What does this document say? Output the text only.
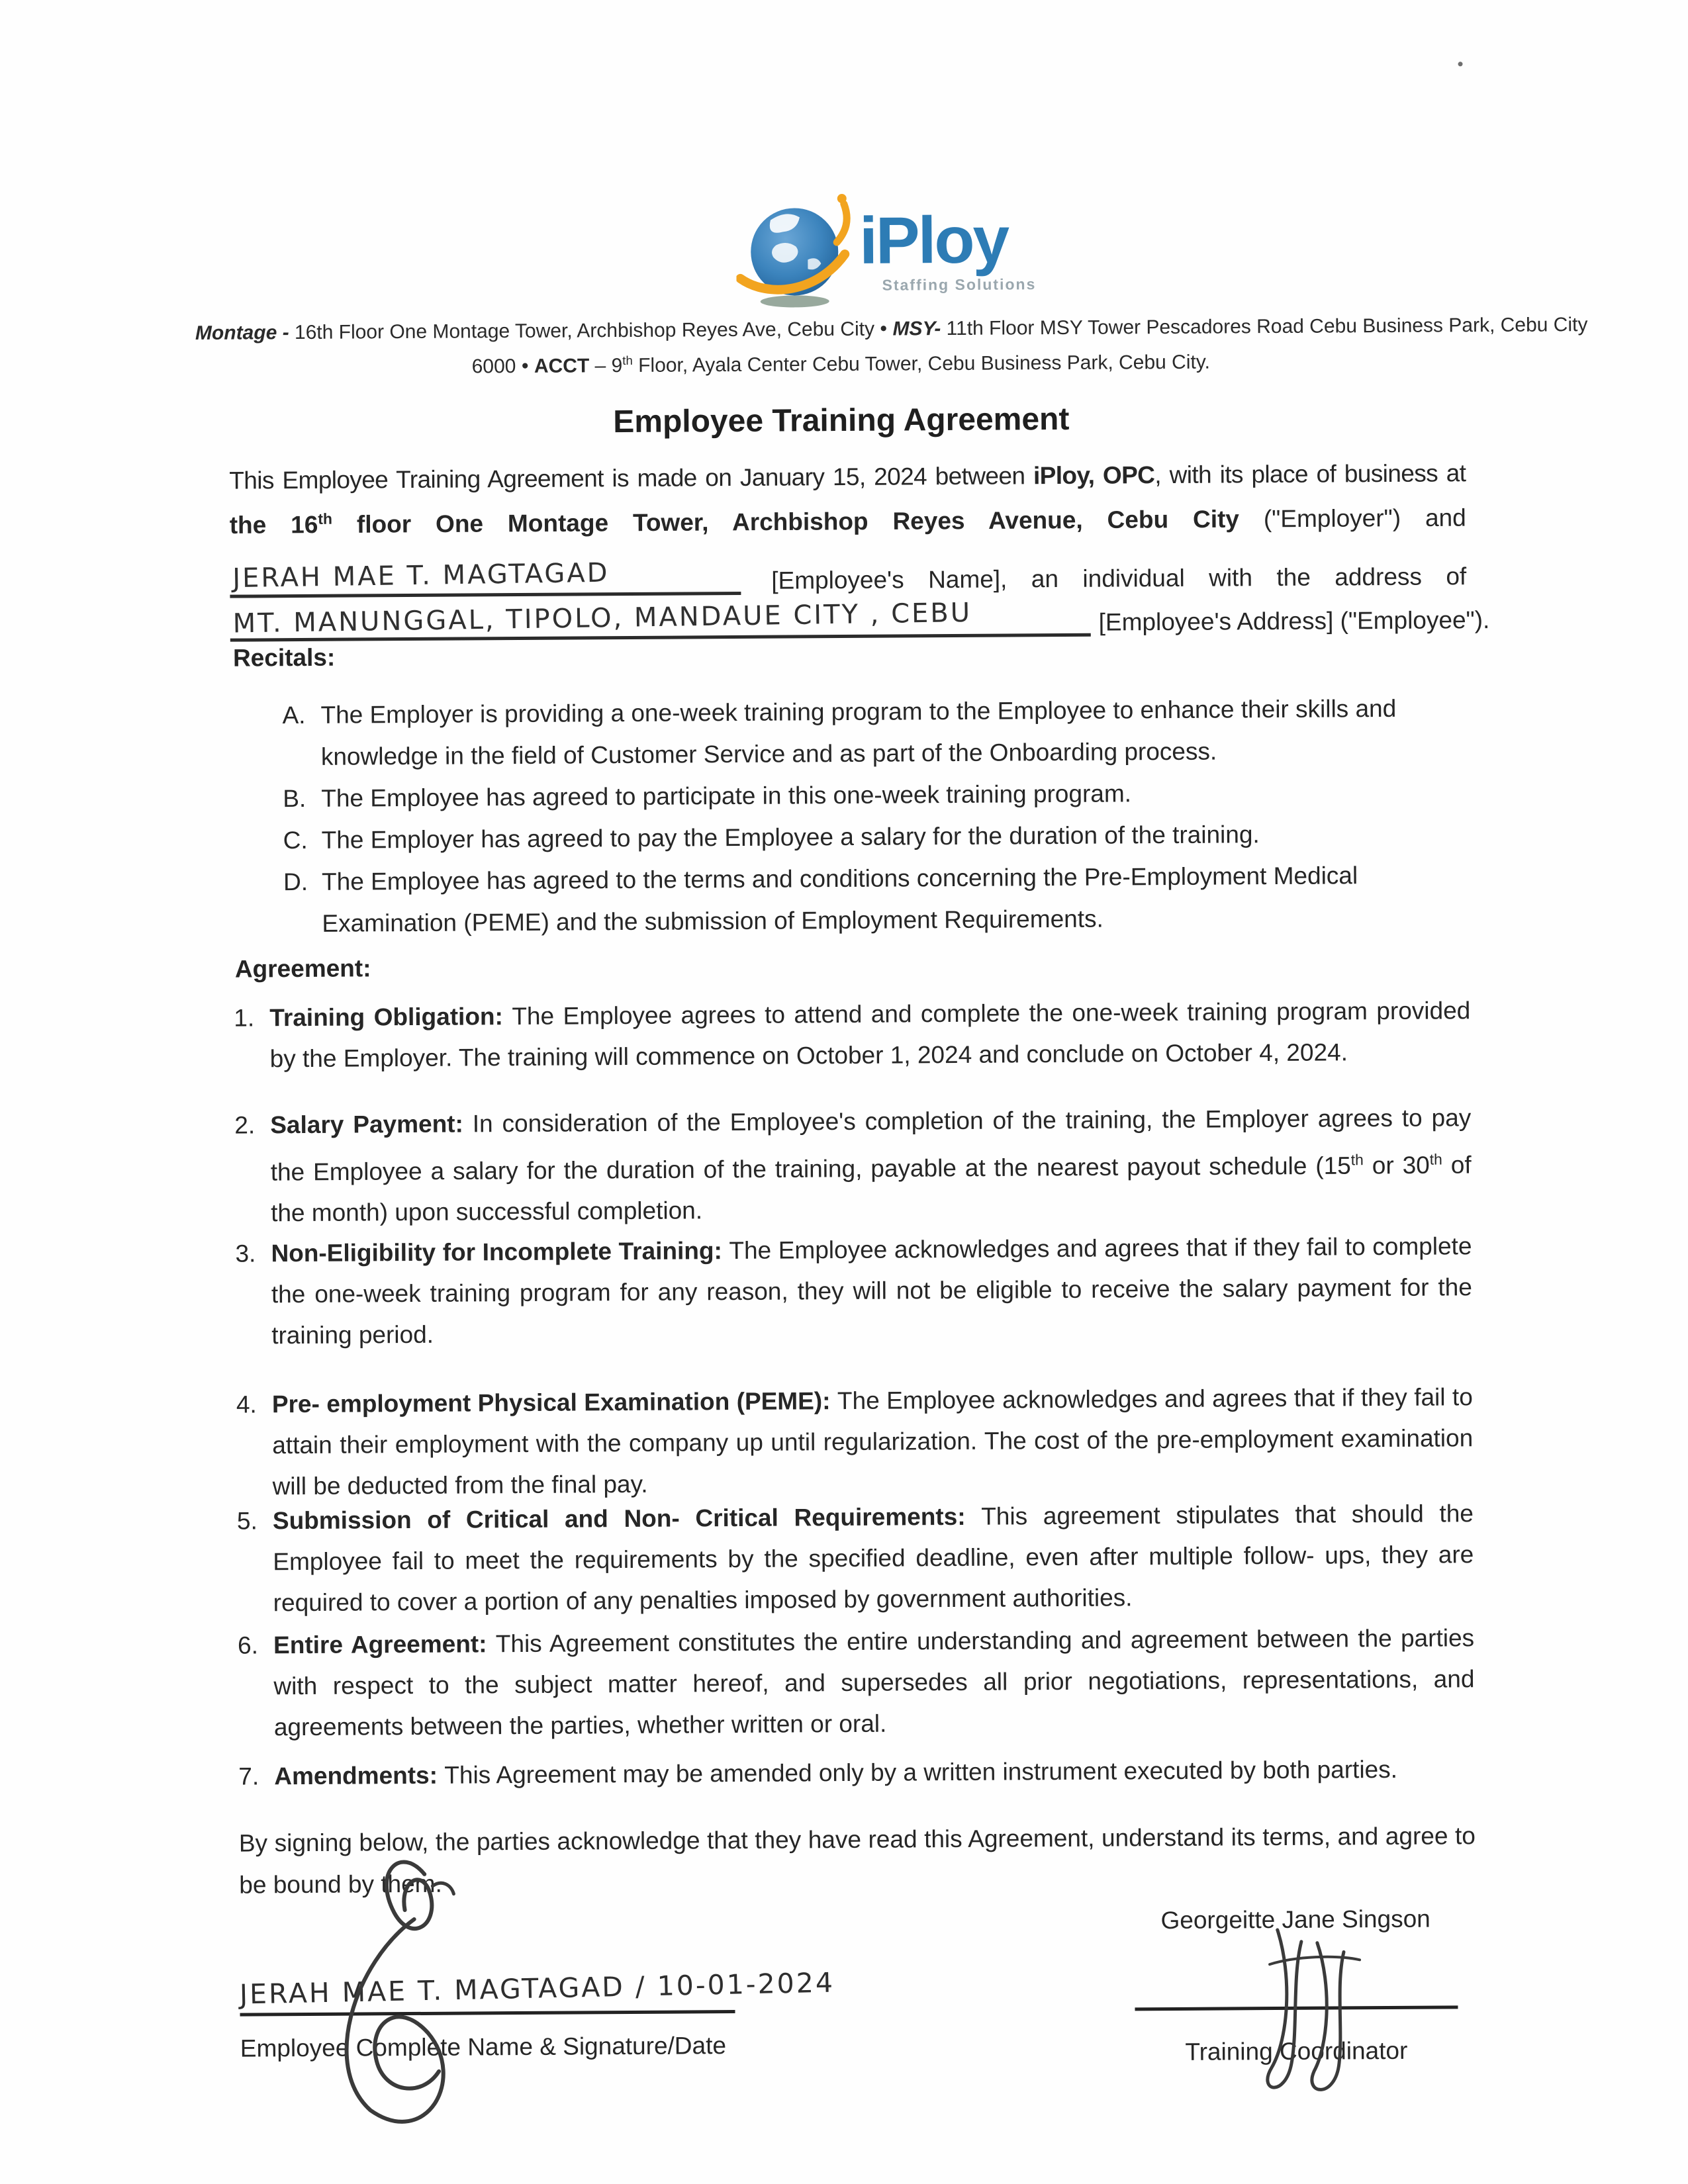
iPloy
Staffing Solutions
Montage - 16th Floor One Montage Tower, Archbishop Reyes Ave, Cebu City ● MSY- 11th Floor MSY Tower Pescadores Road Cebu Business Park, Cebu City
6000 ● ACCT – 9th Floor, Ayala Center Cebu Tower, Cebu Business Park, Cebu City.
Employee Training Agreement
This Employee Training Agreement is made on January 15, 2024 between iPloy, OPC, with its place of business at
the 16th floor One Montage Tower, Archbishop Reyes Avenue, Cebu City ("Employer") and
JERAH MAE T. MAGTAGAD	[Employee's Name], an individual with the address of
MT. MANUNGGAL, TIPOLO, MANDAUE CITY , CEBU	[Employee's Address] ("Employee").
Recitals:
A. The Employer is providing a one-week training program to the Employee to enhance their skills and knowledge in the field of Customer Service and as part of the Onboarding process.
B. The Employee has agreed to participate in this one-week training program.
C. The Employer has agreed to pay the Employee a salary for the duration of the training.
D. The Employee has agreed to the terms and conditions concerning the Pre-Employment Medical Examination (PEME) and the submission of Employment Requirements.
Agreement:
1. Training Obligation: The Employee agrees to attend and complete the one-week training program provided by the Employer. The training will commence on October 1, 2024 and conclude on October 4, 2024.
2. Salary Payment: In consideration of the Employee's completion of the training, the Employer agrees to pay the Employee a salary for the duration of the training, payable at the nearest payout schedule (15th or 30th of the month) upon successful completion.
3. Non-Eligibility for Incomplete Training: The Employee acknowledges and agrees that if they fail to complete the one-week training program for any reason, they will not be eligible to receive the salary payment for the training period.
4. Pre- employment Physical Examination (PEME): The Employee acknowledges and agrees that if they fail to attain their employment with the company up until regularization. The cost of the pre-employment examination will be deducted from the final pay.
5. Submission of Critical and Non- Critical Requirements: This agreement stipulates that should the Employee fail to meet the requirements by the specified deadline, even after multiple follow- ups, they are required to cover a portion of any penalties imposed by government authorities.
6. Entire Agreement: This Agreement constitutes the entire understanding and agreement between the parties with respect to the subject matter hereof, and supersedes all prior negotiations, representations, and agreements between the parties, whether written or oral.
7. Amendments: This Agreement may be amended only by a written instrument executed by both parties.
By signing below, the parties acknowledge that they have read this Agreement, understand its terms, and agree to be bound by them.
JERAH MAE T. MAGTAGAD / 10-01-2024
Employee Complete Name & Signature/Date
Georgeitte Jane Singson
Training Coordinator
